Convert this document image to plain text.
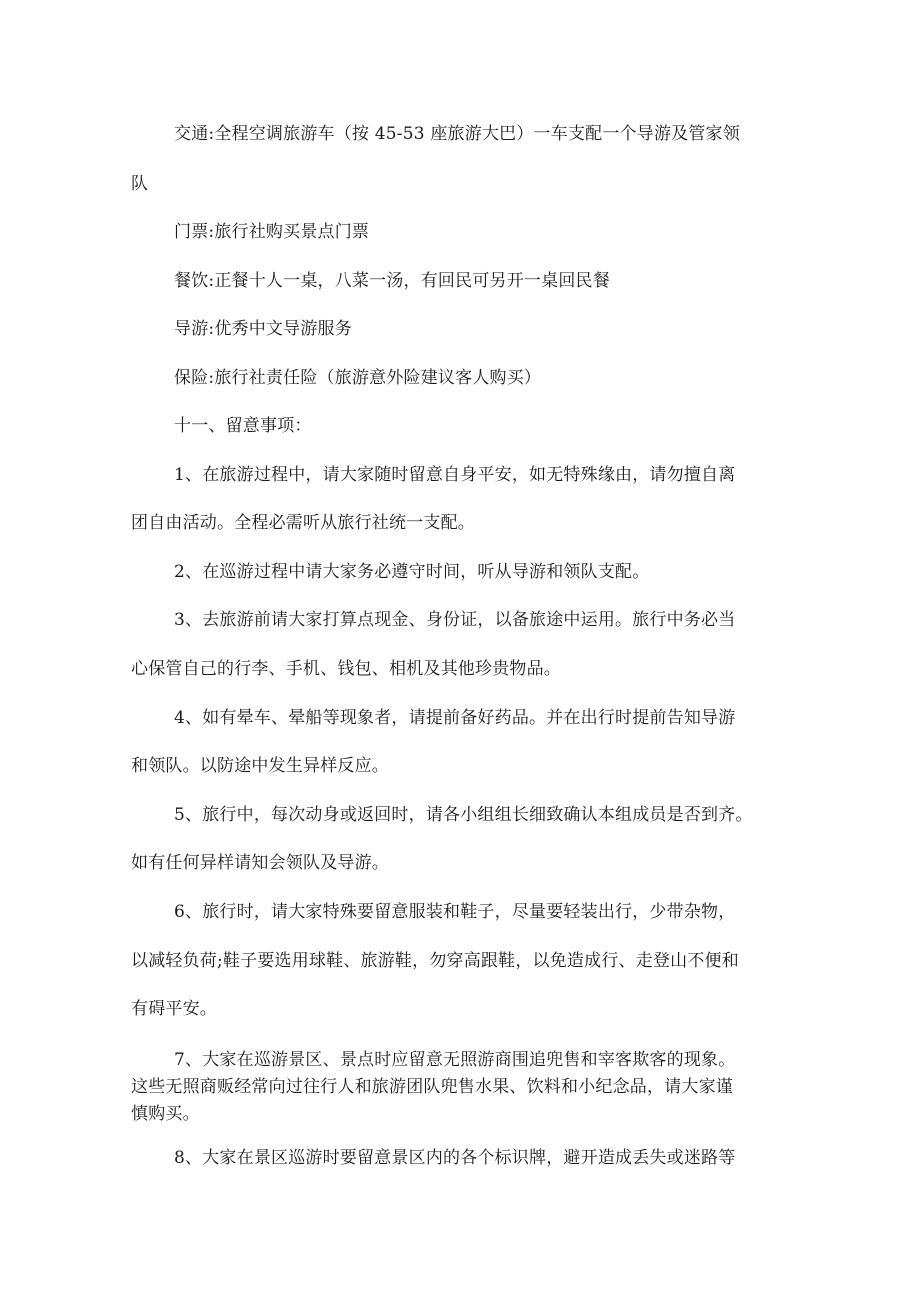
交通:全程空调旅游车（按 45-53 座旅游大巴）一车支配一个导游及管家领
队
门票:旅行社购买景点门票
餐饮:正餐十人一桌，八菜一汤，有回民可另开一桌回民餐
导游:优秀中文导游服务
保险:旅行社责任险（旅游意外险建议客人购买）
十一、留意事项：
1、在旅游过程中，请大家随时留意自身平安，如无特殊缘由，请勿擅自离
团自由活动。全程必需听从旅行社统一支配。
2、在巡游过程中请大家务必遵守时间，听从导游和领队支配。
3、去旅游前请大家打算点现金、身份证，以备旅途中运用。旅行中务必当
心保管自己的行李、手机、钱包、相机及其他珍贵物品。
4、如有晕车、晕船等现象者，请提前备好药品。并在出行时提前告知导游
和领队。以防途中发生异样反应。
5、旅行中，每次动身或返回时，请各小组组长细致确认本组成员是否到齐。
如有任何异样请知会领队及导游。
6、旅行时，请大家特殊要留意服装和鞋子，尽量要轻装出行，少带杂物，
以减轻负荷;鞋子要选用球鞋、旅游鞋，勿穿高跟鞋，以免造成行、走登山不便和
有碍平安。
7、大家在巡游景区、景点时应留意无照游商围追兜售和宰客欺客的现象。
这些无照商贩经常向过往行人和旅游团队兜售水果、饮料和小纪念品，请大家谨
慎购买。
8、大家在景区巡游时要留意景区内的各个标识牌，避开造成丢失或迷路等
